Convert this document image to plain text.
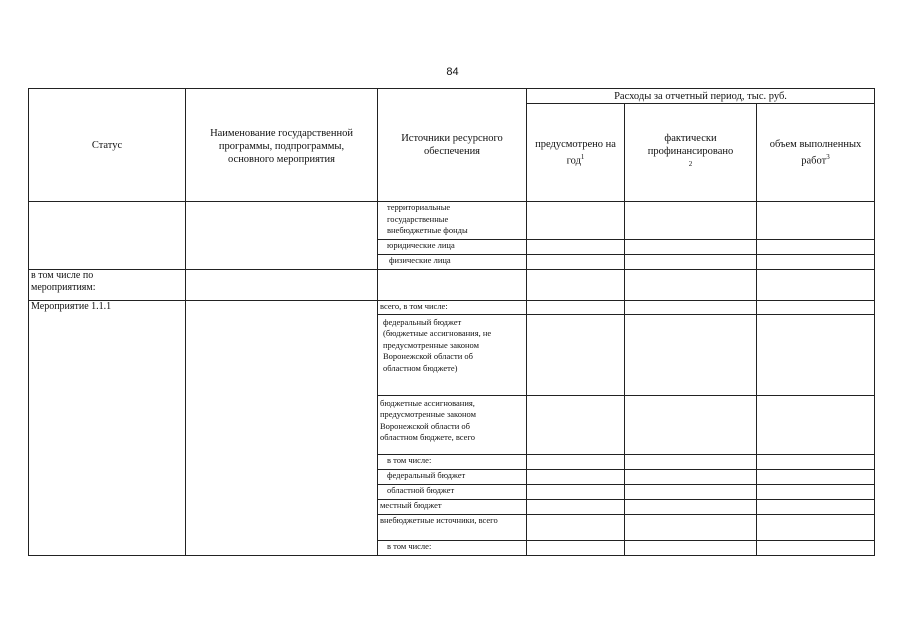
84
Статус	Наименование государственной программы, подпрограммы, основного мероприятия	Источники ресурсного обеспечения	Расходы за отчетный период, тыс. руб.		
			предусмотрено на год$^1$	фактически профинансировано$^2$	объем выполненных работ$^3$
		территориальные государственные внебюджетные фонды			
		юридические лица			
		физические лица			
в том числе по мероприятиям:					
Мероприятие 1.1.1		всего, в том числе:			
		федеральный бюджет (бюджетные ассигнования, не предусмотренные законом Воронежской области об областном бюджете)			
		бюджетные ассигнования, предусмотренные законом Воронежской области об областном бюджете, всего			
		в том числе:			
		федеральный бюджет			
		областной бюджет			
		местный бюджет			
		внебюджетные источники, всего			
		в том числе:			
